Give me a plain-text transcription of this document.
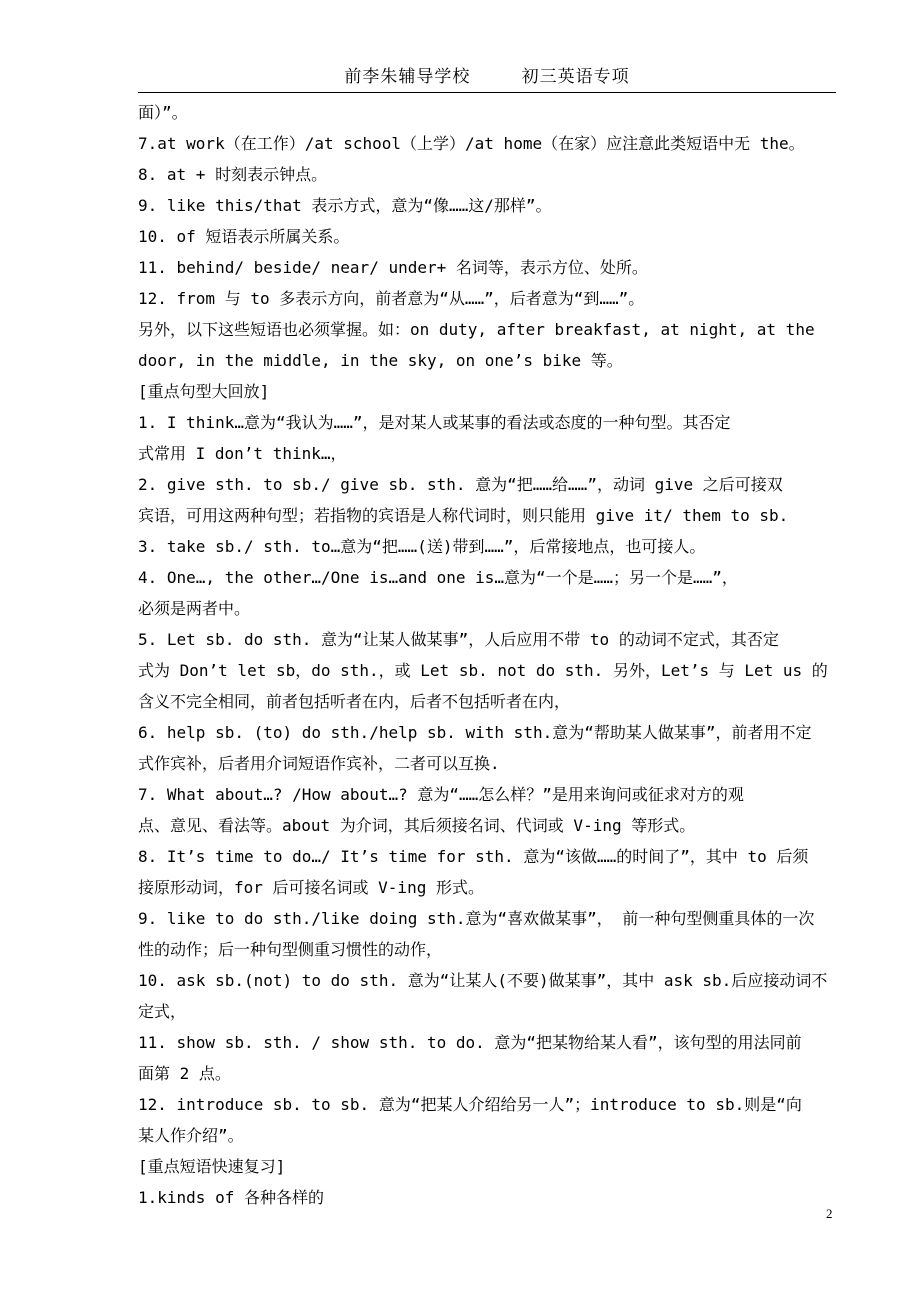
前李朱辅导学校	初三英语专项
面）”。
7.at work（在工作）/at school（上学）/at home（在家）应注意此类短语中无 the。
8. at + 时刻表示钟点。
9. like this/that 表示方式，意为“像……这/那样”。
10. of 短语表示所属关系。
11. behind/ beside/ near/ under+ 名词等，表示方位、处所。
12. from 与 to 多表示方向，前者意为“从……”，后者意为“到……”。
另外，以下这些短语也必须掌握。如：on duty, after breakfast, at night, at the
door, in the middle, in the sky, on one’s bike 等。
[重点句型大回放]
1. I think…意为“我认为……”，是对某人或某事的看法或态度的一种句型。其否定
式常用 I don’t think…，
2. give sth. to sb./ give sb. sth. 意为“把……给……”，动词 give 之后可接双
宾语，可用这两种句型；若指物的宾语是人称代词时，则只能用 give it/ them to sb.
3. take sb./ sth. to…意为“把……(送)带到……”，后常接地点，也可接人。
4. One…, the other…/One is…and one is…意为“一个是……；另一个是……”，
必须是两者中。
5. Let sb. do sth. 意为“让某人做某事”，人后应用不带 to 的动词不定式，其否定
式为 Don’t let sb，do sth.，或 Let sb. not do sth. 另外，Let’s 与 Let us 的
含义不完全相同，前者包括听者在内，后者不包括听者在内，
6. help sb. (to) do sth./help sb. with sth.意为“帮助某人做某事”，前者用不定
式作宾补，后者用介词短语作宾补，二者可以互换.
7. What about…? /How about…? 意为“……怎么样？”是用来询问或征求对方的观
点、意见、看法等。about 为介词，其后须接名词、代词或 V-ing 等形式。
8. It’s time to do…/ It’s time for sth. 意为“该做……的时间了”，其中 to 后须
接原形动词，for 后可接名词或 V-ing 形式。
9. like to do sth./like doing sth.意为“喜欢做某事”， 前一种句型侧重具体的一次
性的动作；后一种句型侧重习惯性的动作，
10. ask sb.(not) to do sth. 意为“让某人(不要)做某事”，其中 ask sb.后应接动词不
定式，
11. show sb. sth. / show sth. to do. 意为“把某物给某人看”，该句型的用法同前
面第 2 点。
12. introduce sb. to sb. 意为“把某人介绍给另一人”；introduce to sb.则是“向
某人作介绍”。
[重点短语快速复习]
1.kinds of 各种各样的
2
